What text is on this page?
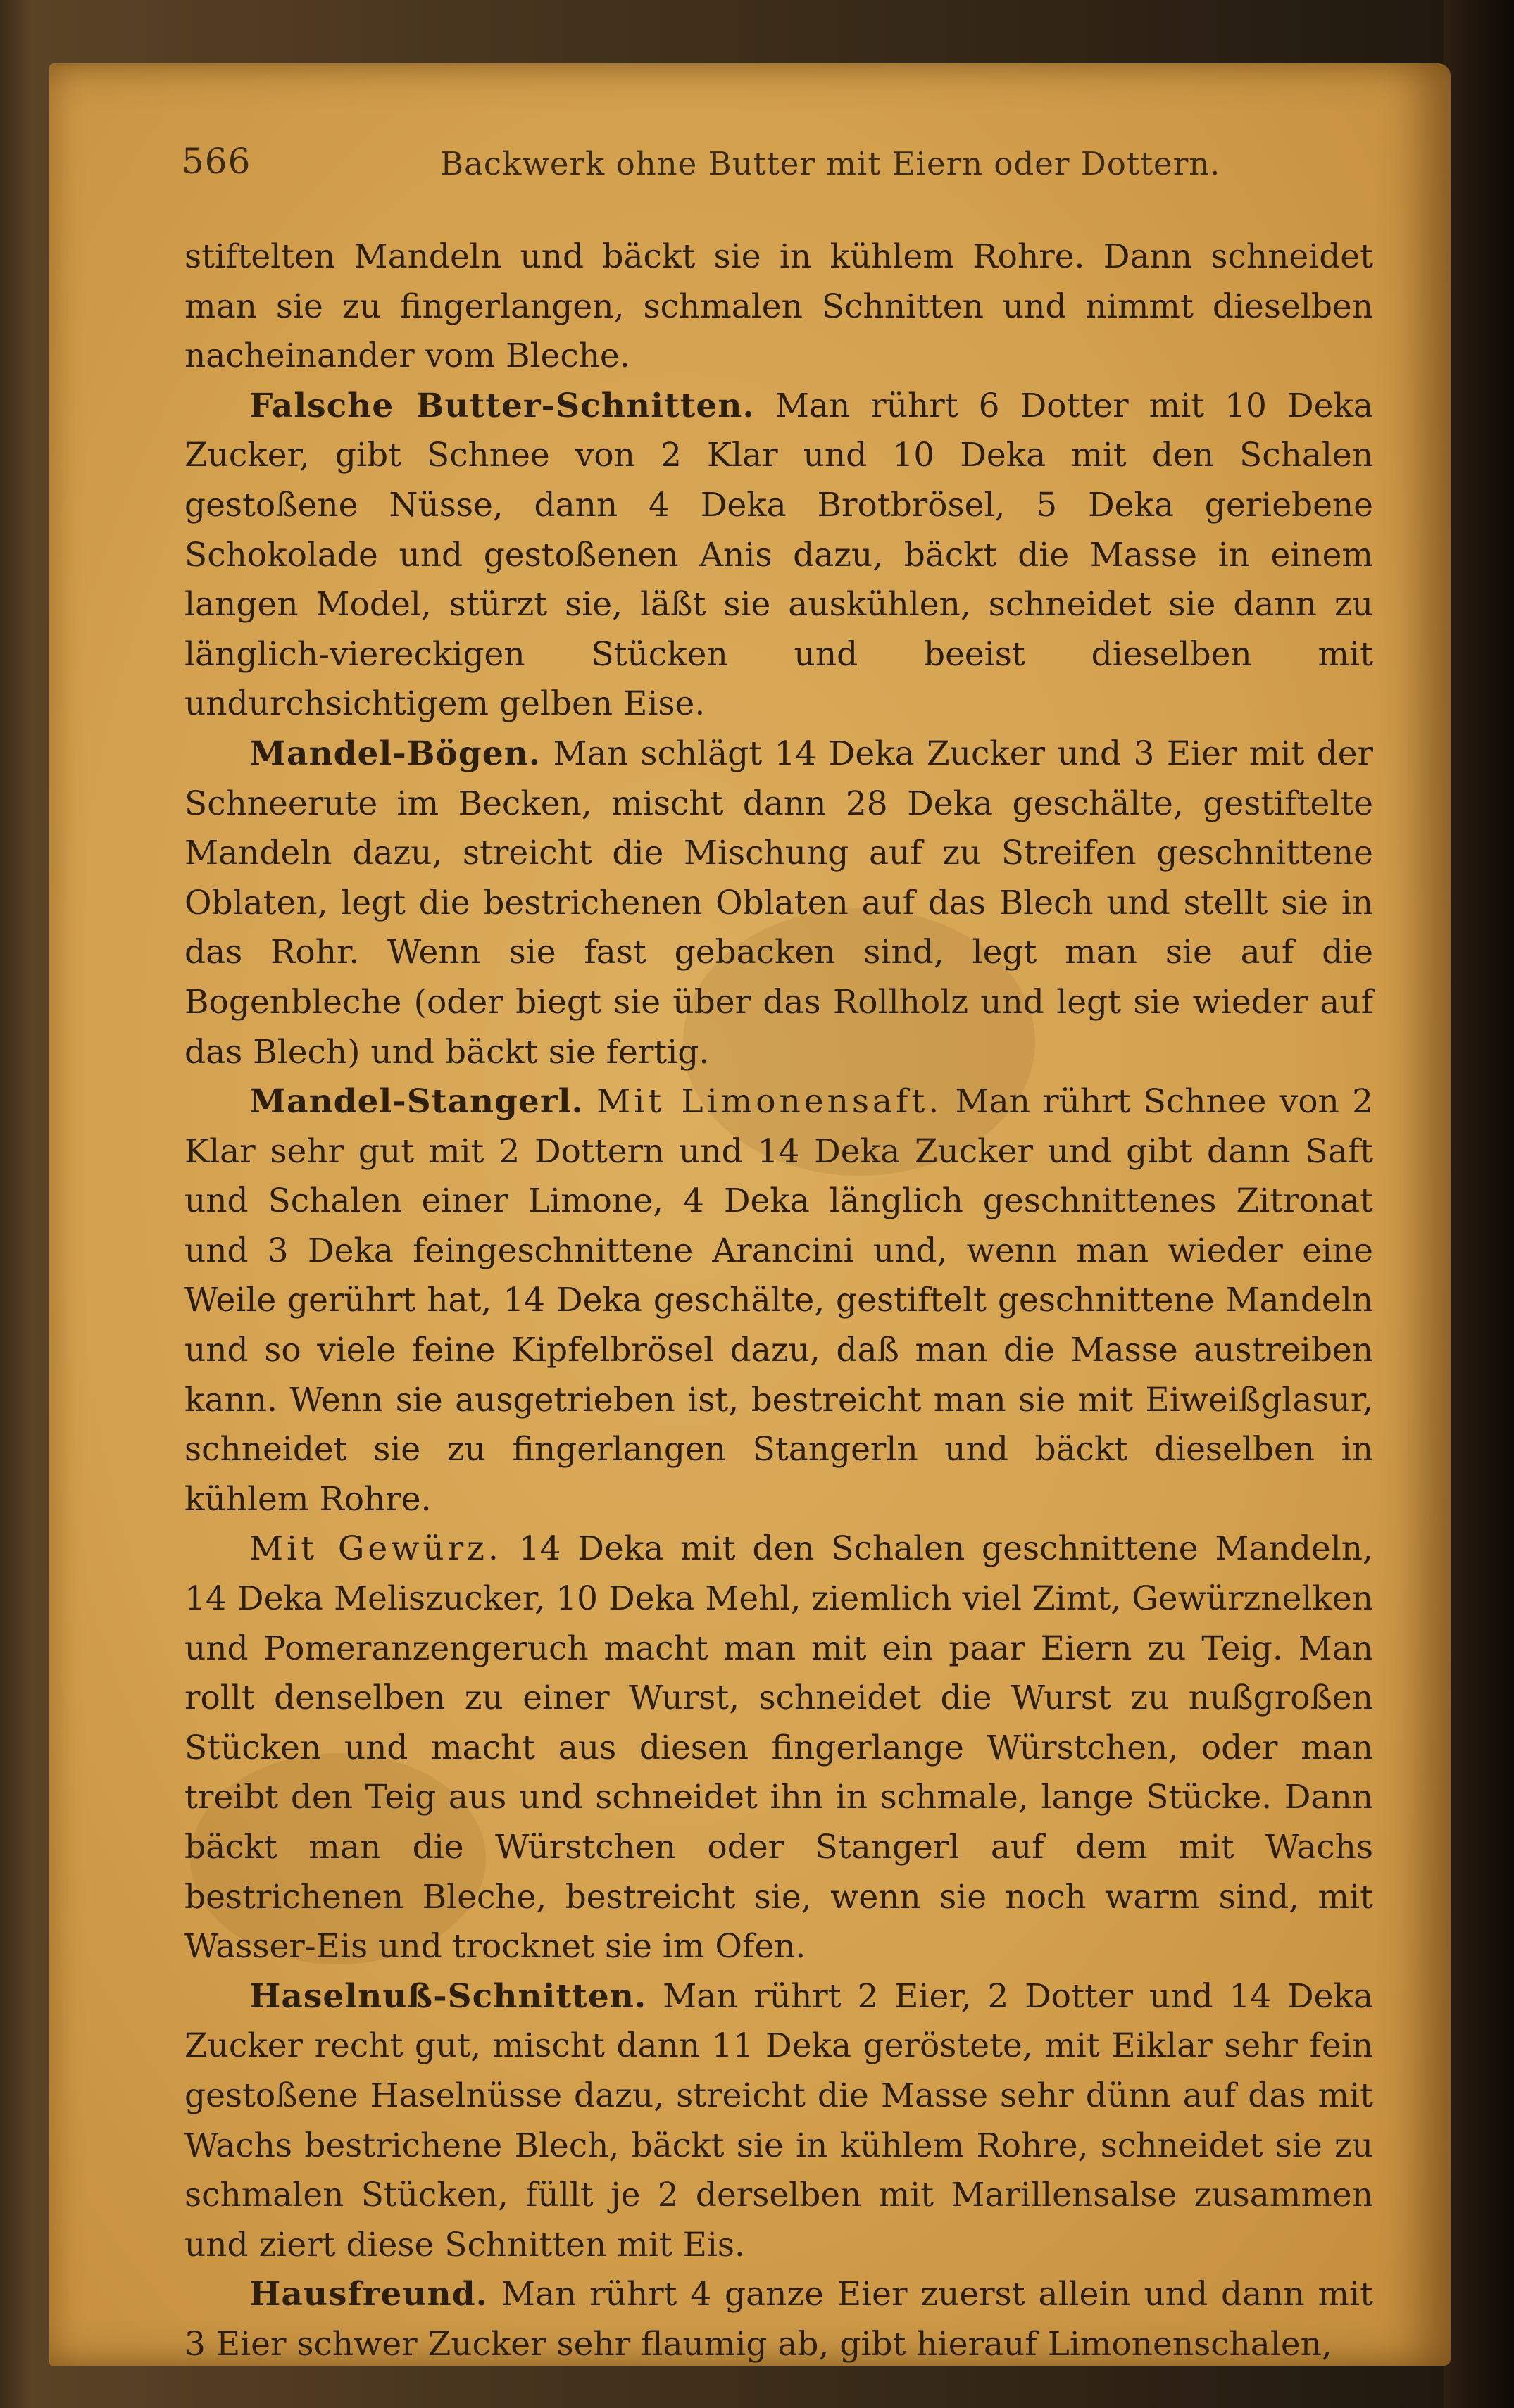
566	Backwerk ohne Butter mit Eiern oder Dottern.

stiftelten Mandeln und bäckt sie in kühlem Rohre. Dann schneidet man sie zu fingerlangen, schmalen Schnitten und nimmt dieselben nacheinander vom Bleche.

Falsche Butter-Schnitten. Man rührt 6 Dotter mit 10 Deka Zucker, gibt Schnee von 2 Klar und 10 Deka mit den Schalen gestoßene Nüsse, dann 4 Deka Brotbrösel, 5 Deka geriebene Schokolade und gestoßenen Anis dazu, bäckt die Masse in einem langen Model, stürzt sie, läßt sie auskühlen, schneidet sie dann zu länglich-viereckigen Stücken und beeist dieselben mit undurchsichtigem gelben Eise.

Mandel-Bögen. Man schlägt 14 Deka Zucker und 3 Eier mit der Schneerute im Becken, mischt dann 28 Deka geschälte, gestiftelte Mandeln dazu, streicht die Mischung auf zu Streifen geschnittene Oblaten, legt die bestrichenen Oblaten auf das Blech und stellt sie in das Rohr. Wenn sie fast gebacken sind, legt man sie auf die Bogenbleche (oder biegt sie über das Rollholz und legt sie wieder auf das Blech) und bäckt sie fertig.

Mandel-Stangerl. Mit Limonensaft. Man rührt Schnee von 2 Klar sehr gut mit 2 Dottern und 14 Deka Zucker und gibt dann Saft und Schalen einer Limone, 4 Deka länglich geschnittenes Zitronat und 3 Deka feingeschnittene Arancini und, wenn man wieder eine Weile gerührt hat, 14 Deka geschälte, gestiftelt geschnittene Mandeln und so viele feine Kipfelbrösel dazu, daß man die Masse austreiben kann. Wenn sie ausgetrieben ist, bestreicht man sie mit Eiweißglasur, schneidet sie zu fingerlangen Stangerln und bäckt dieselben in kühlem Rohre.

Mit Gewürz. 14 Deka mit den Schalen geschnittene Mandeln, 14 Deka Meliszucker, 10 Deka Mehl, ziemlich viel Zimt, Gewürznelken und Pomeranzengeruch macht man mit ein paar Eiern zu Teig. Man rollt denselben zu einer Wurst, schneidet die Wurst zu nußgroßen Stücken und macht aus diesen fingerlange Würstchen, oder man treibt den Teig aus und schneidet ihn in schmale, lange Stücke. Dann bäckt man die Würstchen oder Stangerl auf dem mit Wachs bestrichenen Bleche, bestreicht sie, wenn sie noch warm sind, mit Wasser-Eis und trocknet sie im Ofen.

Haselnuß-Schnitten. Man rührt 2 Eier, 2 Dotter und 14 Deka Zucker recht gut, mischt dann 11 Deka geröstete, mit Eiklar sehr fein gestoßene Haselnüsse dazu, streicht die Masse sehr dünn auf das mit Wachs bestrichene Blech, bäckt sie in kühlem Rohre, schneidet sie zu schmalen Stücken, füllt je 2 derselben mit Marillensalse zusammen und ziert diese Schnitten mit Eis.

Hausfreund. Man rührt 4 ganze Eier zuerst allein und dann mit 3 Eier schwer Zucker sehr flaumig ab, gibt hierauf Limonenschalen,
